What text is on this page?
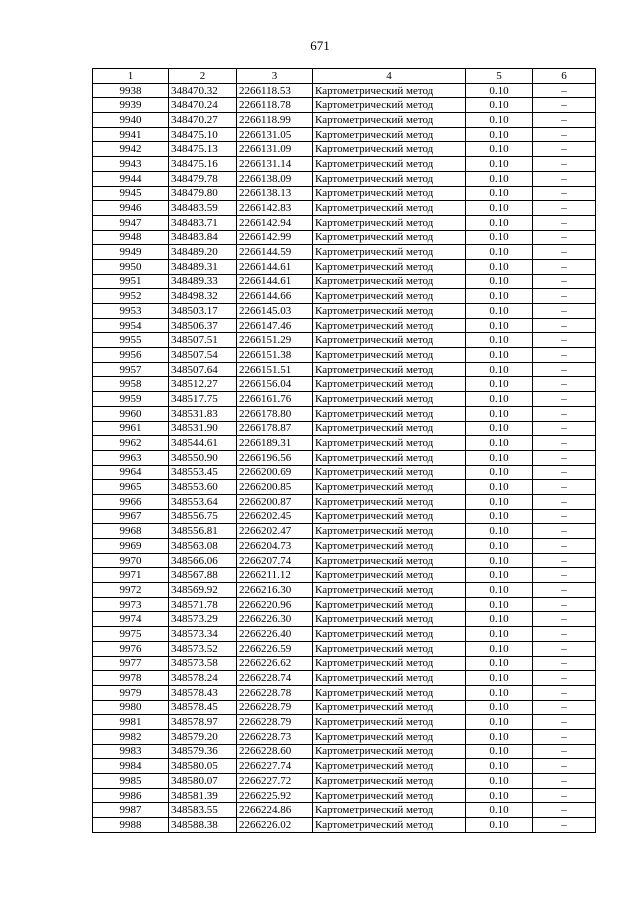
671
1	2	3	4	5	6
9938	348470.32	2266118.53	Картометрический метод	0.10	–
9939	348470.24	2266118.78	Картометрический метод	0.10	–
9940	348470.27	2266118.99	Картометрический метод	0.10	–
9941	348475.10	2266131.05	Картометрический метод	0.10	–
9942	348475.13	2266131.09	Картометрический метод	0.10	–
9943	348475.16	2266131.14	Картометрический метод	0.10	–
9944	348479.78	2266138.09	Картометрический метод	0.10	–
9945	348479.80	2266138.13	Картометрический метод	0.10	–
9946	348483.59	2266142.83	Картометрический метод	0.10	–
9947	348483.71	2266142.94	Картометрический метод	0.10	–
9948	348483.84	2266142.99	Картометрический метод	0.10	–
9949	348489.20	2266144.59	Картометрический метод	0.10	–
9950	348489.31	2266144.61	Картометрический метод	0.10	–
9951	348489.33	2266144.61	Картометрический метод	0.10	–
9952	348498.32	2266144.66	Картометрический метод	0.10	–
9953	348503.17	2266145.03	Картометрический метод	0.10	–
9954	348506.37	2266147.46	Картометрический метод	0.10	–
9955	348507.51	2266151.29	Картометрический метод	0.10	–
9956	348507.54	2266151.38	Картометрический метод	0.10	–
9957	348507.64	2266151.51	Картометрический метод	0.10	–
9958	348512.27	2266156.04	Картометрический метод	0.10	–
9959	348517.75	2266161.76	Картометрический метод	0.10	–
9960	348531.83	2266178.80	Картометрический метод	0.10	–
9961	348531.90	2266178.87	Картометрический метод	0.10	–
9962	348544.61	2266189.31	Картометрический метод	0.10	–
9963	348550.90	2266196.56	Картометрический метод	0.10	–
9964	348553.45	2266200.69	Картометрический метод	0.10	–
9965	348553.60	2266200.85	Картометрический метод	0.10	–
9966	348553.64	2266200.87	Картометрический метод	0.10	–
9967	348556.75	2266202.45	Картометрический метод	0.10	–
9968	348556.81	2266202.47	Картометрический метод	0.10	–
9969	348563.08	2266204.73	Картометрический метод	0.10	–
9970	348566.06	2266207.74	Картометрический метод	0.10	–
9971	348567.88	2266211.12	Картометрический метод	0.10	–
9972	348569.92	2266216.30	Картометрический метод	0.10	–
9973	348571.78	2266220.96	Картометрический метод	0.10	–
9974	348573.29	2266226.30	Картометрический метод	0.10	–
9975	348573.34	2266226.40	Картометрический метод	0.10	–
9976	348573.52	2266226.59	Картометрический метод	0.10	–
9977	348573.58	2266226.62	Картометрический метод	0.10	–
9978	348578.24	2266228.74	Картометрический метод	0.10	–
9979	348578.43	2266228.78	Картометрический метод	0.10	–
9980	348578.45	2266228.79	Картометрический метод	0.10	–
9981	348578.97	2266228.79	Картометрический метод	0.10	–
9982	348579.20	2266228.73	Картометрический метод	0.10	–
9983	348579.36	2266228.60	Картометрический метод	0.10	–
9984	348580.05	2266227.74	Картометрический метод	0.10	–
9985	348580.07	2266227.72	Картометрический метод	0.10	–
9986	348581.39	2266225.92	Картометрический метод	0.10	–
9987	348583.55	2266224.86	Картометрический метод	0.10	–
9988	348588.38	2266226.02	Картометрический метод	0.10	–
